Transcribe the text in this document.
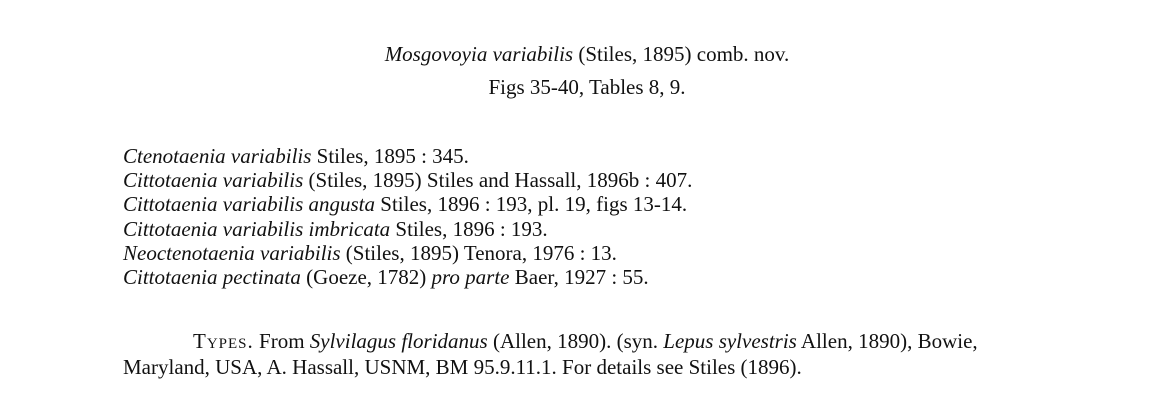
Mosgovoyia variabilis (Stiles, 1895) comb. nov.
Figs 35-40, Tables 8, 9.
Ctenotaenia variabilis Stiles, 1895 : 345.
Cittotaenia variabilis (Stiles, 1895) Stiles and Hassall, 1896b : 407.
Cittotaenia variabilis angusta Stiles, 1896 : 193, pl. 19, figs 13-14.
Cittotaenia variabilis imbricata Stiles, 1896 : 193.
Neoctenotaenia variabilis (Stiles, 1895) Tenora, 1976 : 13.
Cittotaenia pectinata (Goeze, 1782) pro parte Baer, 1927 : 55.
Types. From Sylvilagus floridanus (Allen, 1890). (syn. Lepus sylvestris Allen, 1890), Bowie,
Maryland, USA, A. Hassall, USNM, BM 95.9.11.1. For details see Stiles (1896).
